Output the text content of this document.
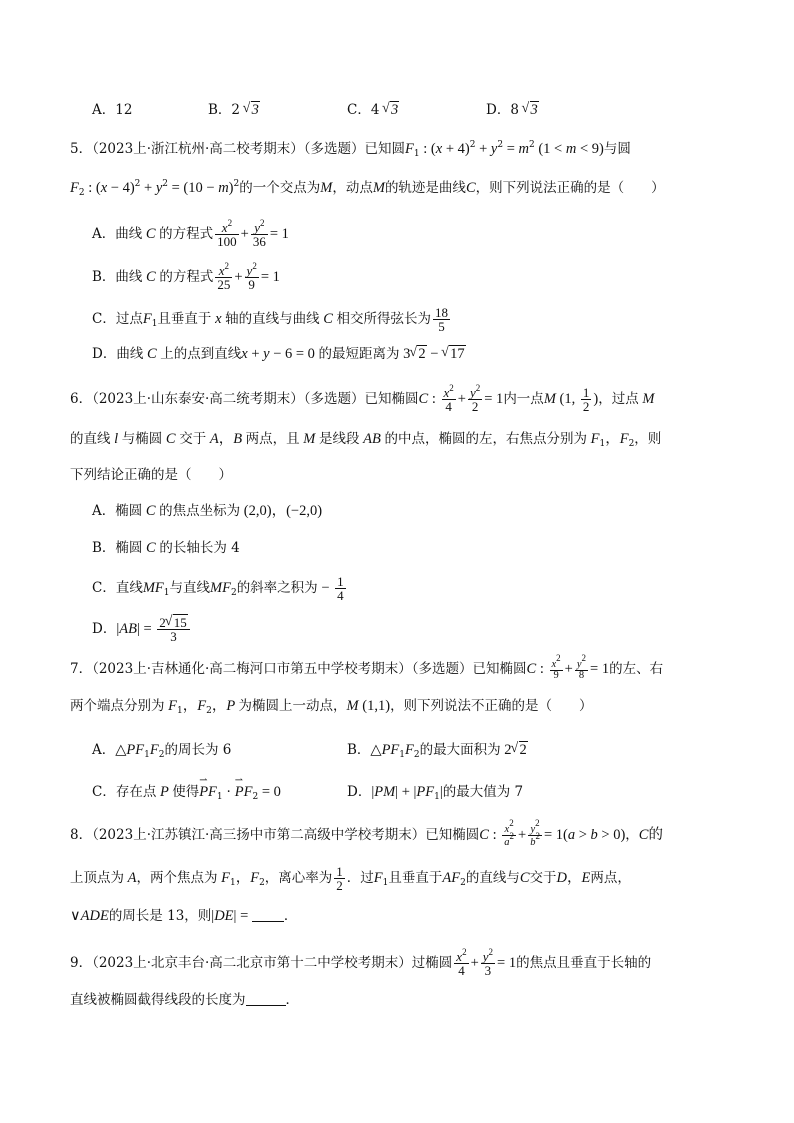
A．12	B．2 √ 3	C．4 √ 3	D．8 √ 3
5．（2023上·浙江杭州·高二校考期末）（多选题）已知圆$F_1$ : $(x + 4)^2 + y^2 = m^2$ (1 < m < 9)与圆
$F_2$ : $(x - 4)^2 + y^2 = (10 - m)^2$的一个交点为M，动点M的轨迹是曲线C，则下列说法正确的是（　　）
A．曲线 C 的方程式 $\frac{x^2}{100} + \frac{y^2}{36} = 1$
B．曲线 C 的方程式 $\frac{x^2}{25} + \frac{y^2}{9} = 1$
C．过点$F_1$且垂直于 x 轴的直线与曲线 C 相交所得弦长为 $\frac{18}{5}$
D．曲线 C 上的点到直线x + y − 6 = 0 的最短距离为 3 √ 2 − √ 17
6．（2023上·山东泰安·高二统考期末）（多选题）已知椭圆C : $\frac{x^2}{4} + \frac{y^2}{2} = 1$内一点M (1, $\frac{1}{2}$ )，过点 M
的直线 l 与椭圆 C 交于 A，B 两点，且 M 是线段 AB 的中点，椭圆的左，右焦点分别为 $F_1$，$F_2$，则
下列结论正确的是（　　）
A．椭圆 C 的焦点坐标为 (2,0)，(−2,0)
B．椭圆 C 的长轴长为 4
C．直线$MF_1$与直线$MF_2$的斜率之积为 − $\frac{1}{4}$
D．$|AB| = \frac{2 √ 15}{3}$
7．（2023上·吉林通化·高二梅河口市第五中学校考期末）（多选题）已知椭圆C : $\frac{x^2}{9} + \frac{y^2}{8} = 1$的左、右
两个端点分别为 $F_1$，$F_2$，P 为椭圆上一动点，M (1,1)，则下列说法不正确的是（　　）
A．$\triangle PF_1F_2$的周长为 6	B．$\triangle PF_1F_2$的最大面积为 2 √ 2
C．存在点 P 使得⇀ $PF_1$ · ⇀ $PF_2 = 0$	D．$|PM| + |PF_1|$的最大值为 7
8．（2023上·江苏镇江·高三扬中市第二高级中学校考期末）已知椭圆C : $\frac{x^2}{a^2} + \frac{y^2}{b^2} = 1(a > b > 0)$，C的
上顶点为 A，两个焦点为 $F_1$，$F_2$，离心率为 $\frac{1}{2}$ ．过$F_1$且垂直于$AF_2$的直线与C交于D，E两点，
∨ADE的周长是 13，则|DE| = ．
9．（2023上·北京丰台·高二北京市第十二中学校考期末）过椭圆 $\frac{x^2}{4} + \frac{y^2}{3} = 1$的焦点且垂直于长轴的
直线被椭圆截得线段的长度为	．
